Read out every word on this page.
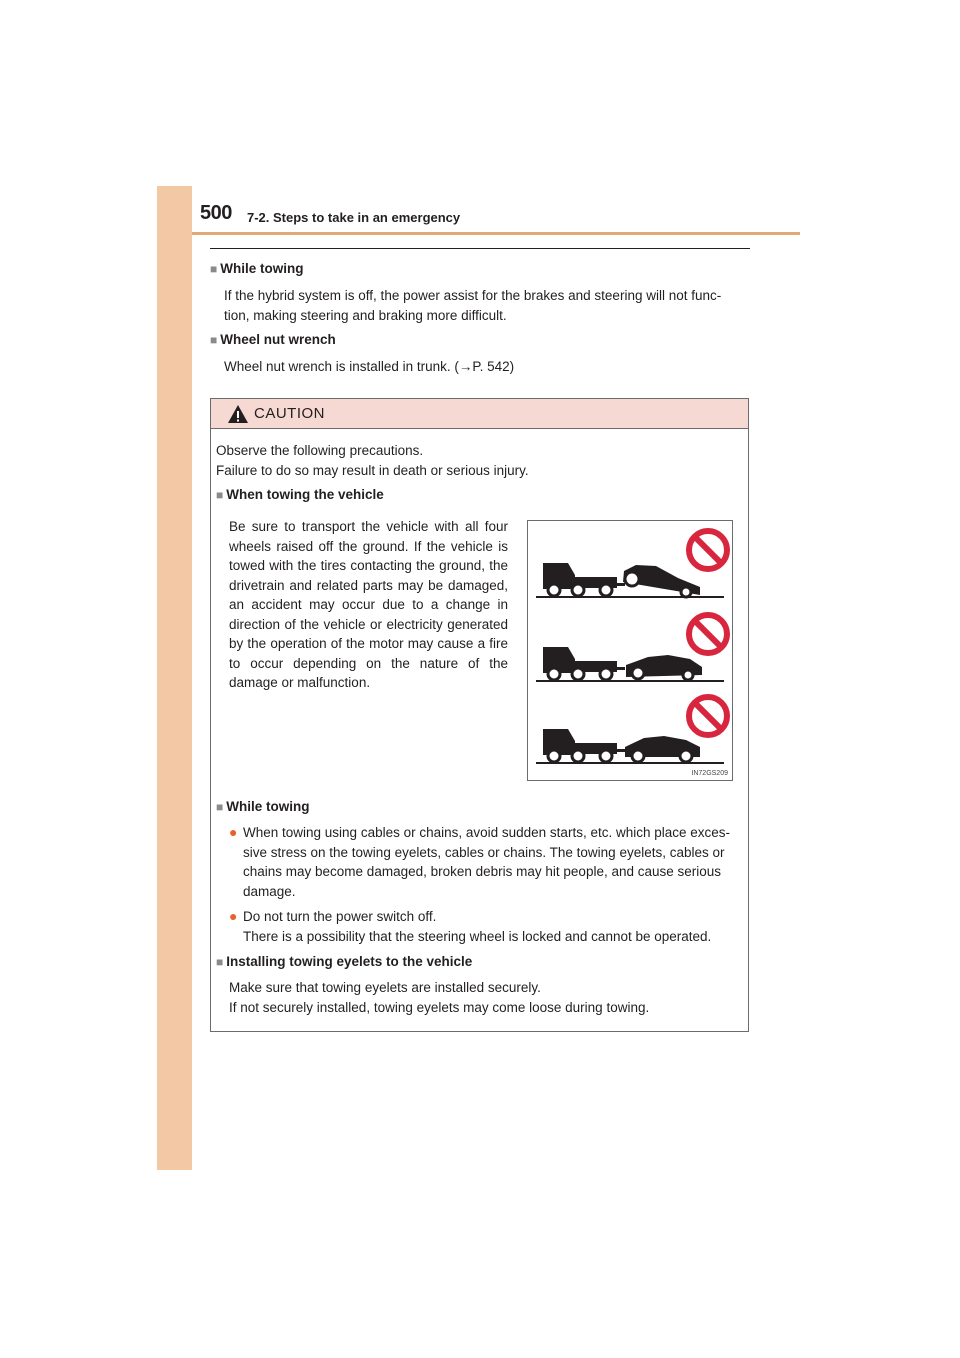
500 7-2. Steps to take in an emergency
■ While towing
If the hybrid system is off, the power assist for the brakes and steering will not func-
tion, making steering and braking more difficult.
■ Wheel nut wrench
Wheel nut wrench is installed in trunk. (→P. 542)
CAUTION
Observe the following precautions.
Failure to do so may result in death or serious injury.
■ When towing the vehicle
Be sure to transport the vehicle with all four wheels raised off the ground. If the vehicle is towed with the tires contacting the ground, the drivetrain and related parts may be damaged, an accident may occur due to a change in direction of the vehicle or electricity generated by the operation of the motor may cause a fire to occur depending on the nature of the damage or malfunction.
IN72GS209
■ While towing
● When towing using cables or chains, avoid sudden starts, etc. which place exces-
sive stress on the towing eyelets, cables or chains. The towing eyelets, cables or
chains may become damaged, broken debris may hit people, and cause serious
damage.
● Do not turn the power switch off.
There is a possibility that the steering wheel is locked and cannot be operated.
■ Installing towing eyelets to the vehicle
Make sure that towing eyelets are installed securely.
If not securely installed, towing eyelets may come loose during towing.
